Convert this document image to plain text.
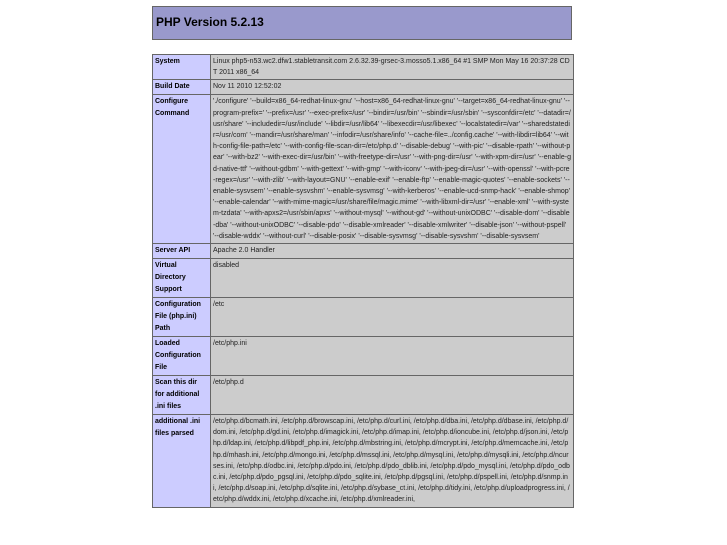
PHP Version 5.2.13
System	Linux php5-n53.wc2.dfw1.stabletransit.com 2.6.32.39-grsec-3.mosso5.1.x86_64 #1 SMP Mon May 16 20:37:28 CDT 2011 x86_64
Build Date	Nov 11 2010 12:52:02
Configure Command	'./configure' '--build=x86_64-redhat-linux-gnu' '--host=x86_64-redhat-linux-gnu' '--target=x86_64-redhat-linux-gnu' '--program-prefix=' '--prefix=/usr' '--exec-prefix=/usr' '--bindir=/usr/bin' '--sbindir=/usr/sbin' '--sysconfdir=/etc' '--datadir=/usr/share' '--includedir=/usr/include' '--libdir=/usr/lib64' '--libexecdir=/usr/libexec' '--localstatedir=/var' '--sharedstatedir=/usr/com' '--mandir=/usr/share/man' '--infodir=/usr/share/info' '--cache-file=../config.cache' '--with-libdir=lib64' '--with-config-file-path=/etc' '--with-config-file-scan-dir=/etc/php.d' '--disable-debug' '--with-pic' '--disable-rpath' '--without-pear' '--with-bz2' '--with-exec-dir=/usr/bin' '--with-freetype-dir=/usr' '--with-png-dir=/usr' '--with-xpm-dir=/usr' '--enable-gd-native-ttf' '--without-gdbm' '--with-gettext' '--with-gmp' '--with-iconv' '--with-jpeg-dir=/usr' '--with-openssl' '--with-pcre-regex=/usr' '--with-zlib' '--with-layout=GNU' '--enable-exif' '--enable-ftp' '--enable-magic-quotes' '--enable-sockets' '--enable-sysvsem' '--enable-sysvshm' '--enable-sysvmsg' '--with-kerberos' '--enable-ucd-snmp-hack' '--enable-shmop' '--enable-calendar' '--with-mime-magic=/usr/share/file/magic.mime' '--with-libxml-dir=/usr' '--enable-xml' '--with-system-tzdata' '--with-apxs2=/usr/sbin/apxs' '--without-mysql' '--without-gd' '--without-unixODBC' '--disable-dom' '--disable-dba' '--without-unixODBC' '--disable-pdo' '--disable-xmlreader' '--disable-xmlwriter' '--disable-json' '--without-pspell' '--disable-wddx' '--without-curl' '--disable-posix' '--disable-sysvmsg' '--disable-sysvshm' '--disable-sysvsem'
Server API	Apache 2.0 Handler
Virtual Directory Support	disabled
Configuration File (php.ini) Path	/etc
Loaded Configuration File	/etc/php.ini
Scan this dir for additional .ini files	/etc/php.d
additional .ini files parsed	/etc/php.d/bcmath.ini, /etc/php.d/browscap.ini, /etc/php.d/curl.ini, /etc/php.d/dba.ini, /etc/php.d/dbase.ini, /etc/php.d/dom.ini, /etc/php.d/gd.ini, /etc/php.d/imagick.ini, /etc/php.d/imap.ini, /etc/php.d/ioncube.ini, /etc/php.d/json.ini, /etc/php.d/ldap.ini, /etc/php.d/libpdf_php.ini, /etc/php.d/mbstring.ini, /etc/php.d/mcrypt.ini, /etc/php.d/memcache.ini, /etc/php.d/mhash.ini, /etc/php.d/mongo.ini, /etc/php.d/mssql.ini, /etc/php.d/mysql.ini, /etc/php.d/mysqli.ini, /etc/php.d/ncurses.ini, /etc/php.d/odbc.ini, /etc/php.d/pdo.ini, /etc/php.d/pdo_dblib.ini, /etc/php.d/pdo_mysql.ini, /etc/php.d/pdo_odbc.ini, /etc/php.d/pdo_pgsql.ini, /etc/php.d/pdo_sqlite.ini, /etc/php.d/pgsql.ini, /etc/php.d/pspell.ini, /etc/php.d/snmp.ini, /etc/php.d/soap.ini, /etc/php.d/sqlite.ini, /etc/php.d/sybase_ct.ini, /etc/php.d/tidy.ini, /etc/php.d/uploadprogress.ini, /etc/php.d/wddx.ini, /etc/php.d/xcache.ini, /etc/php.d/xmlreader.ini,
